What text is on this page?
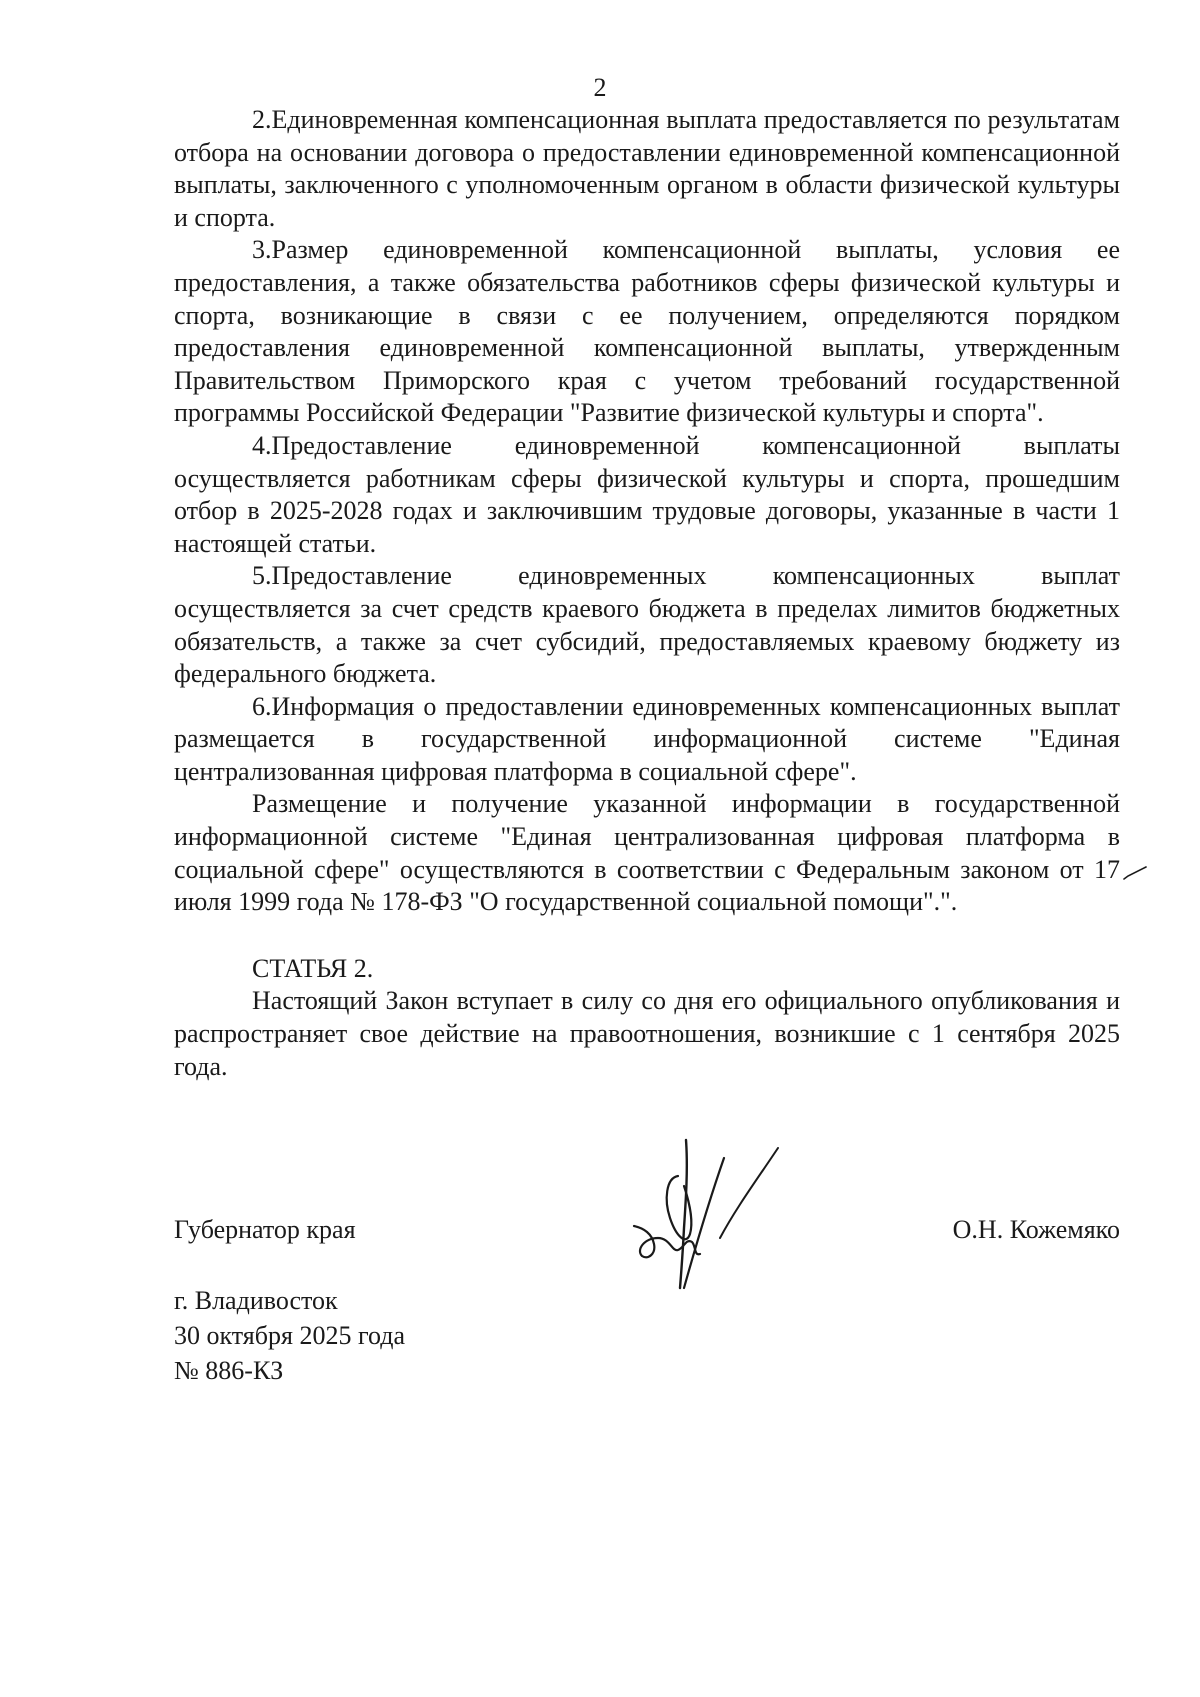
2

2.Единовременная компенсационная выплата предоставляется по результатам отбора на основании договора о предоставлении единовременной компенсационной выплаты, заключенного с уполномоченным органом в области физической культуры и спорта.

3.Размер единовременной компенсационной выплаты, условия ее предоставления, а также обязательства работников сферы физической культуры и спорта, возникающие в связи с ее получением, определяются порядком предоставления единовременной компенсационной выплаты, утвержденным Правительством Приморского края с учетом требований государственной программы Российской Федерации "Развитие физической культуры и спорта".

4.Предоставление единовременной компенсационной выплаты осуществляется работникам сферы физической культуры и спорта, прошедшим отбор в 2025-2028 годах и заключившим трудовые договоры, указанные в части 1 настоящей статьи.

5.Предоставление единовременных компенсационных выплат осуществляется за счет средств краевого бюджета в пределах лимитов бюджетных обязательств, а также за счет субсидий, предоставляемых краевому бюджету из федерального бюджета.

6.Информация о предоставлении единовременных компенсационных выплат размещается в государственной информационной системе "Единая централизованная цифровая платформа в социальной сфере".

Размещение и получение указанной информации в государственной информационной системе "Единая централизованная цифровая платформа в социальной сфере" осуществляются в соответствии с Федеральным законом от 17 июля 1999 года № 178-ФЗ "О государственной социальной помощи".".

СТАТЬЯ 2.

Настоящий Закон вступает в силу со дня его официального опубликования и распространяет свое действие на правоотношения, возникшие с 1 сентября 2025 года.

Губернатор края	О.Н. Кожемяко
г. Владивосток
30 октября 2025 года
№ 886-КЗ
